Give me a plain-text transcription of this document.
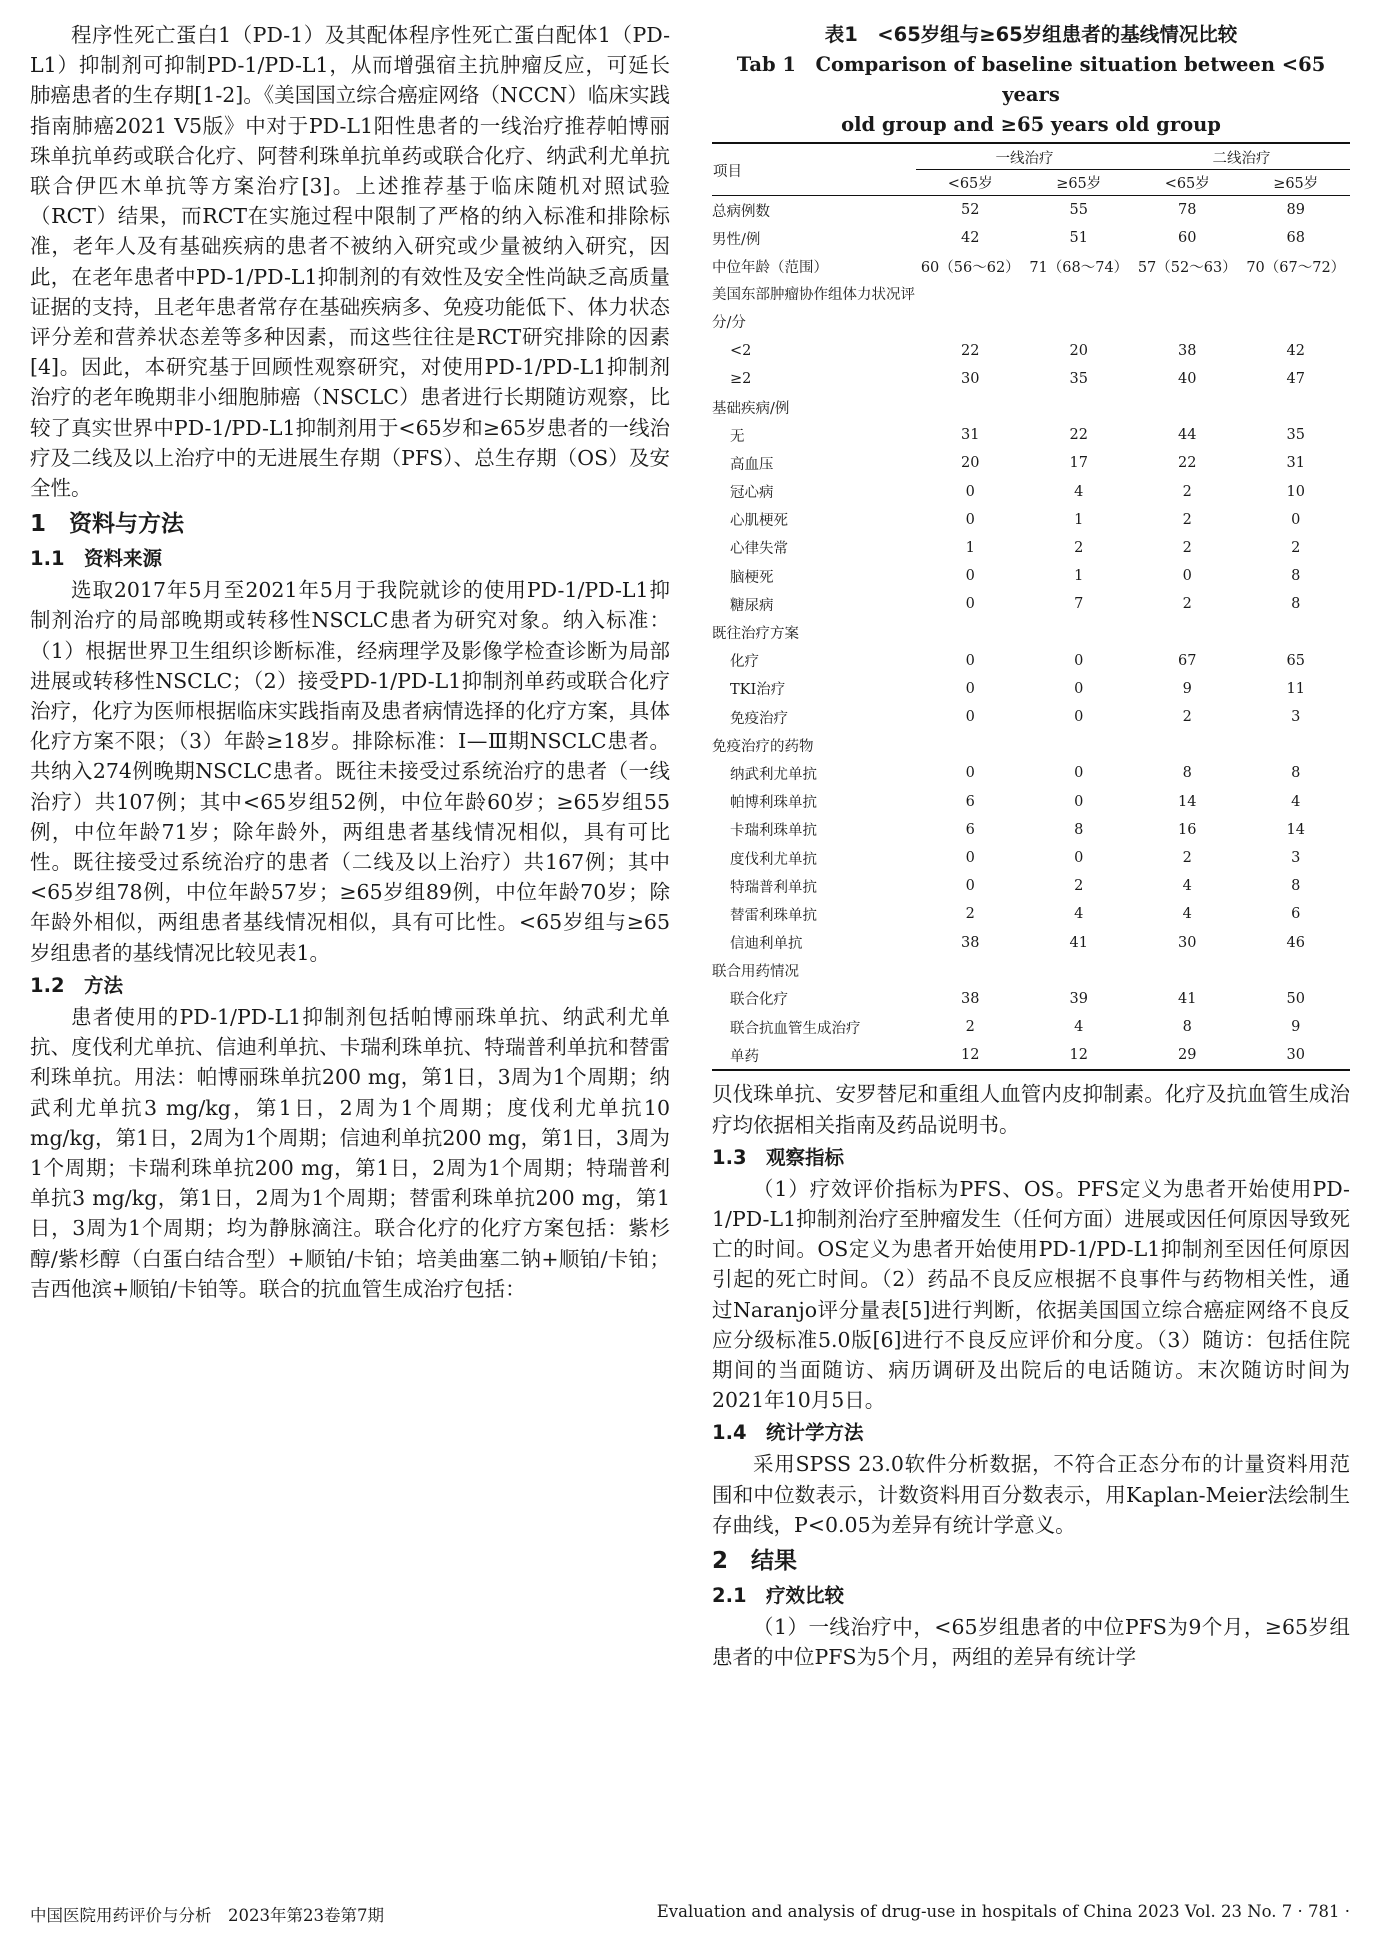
程序性死亡蛋白1（PD-1）及其配体程序性死亡蛋白配体1（PD-L1）抑制剂可抑制PD-1/PD-L1，从而增强宿主抗肿瘤反应，可延长肺癌患者的生存期[1-2]。《美国国立综合癌症网络（NCCN）临床实践指南肺癌2021 V5版》中对于PD-L1阳性患者的一线治疗推荐帕博丽珠单抗单药或联合化疗、阿替利珠单抗单药或联合化疗、纳武利尤单抗联合伊匹木单抗等方案治疗[3]。上述推荐基于临床随机对照试验（RCT）结果，而RCT在实施过程中限制了严格的纳入标准和排除标准，老年人及有基础疾病的患者不被纳入研究或少量被纳入研究，因此，在老年患者中PD-1/PD-L1抑制剂的有效性及安全性尚缺乏高质量证据的支持，且老年患者常存在基础疾病多、免疫功能低下、体力状态评分差和营养状态差等多种因素，而这些往往是RCT研究排除的因素[4]。因此，本研究基于回顾性观察研究，对使用PD-1/PD-L1抑制剂治疗的老年晚期非小细胞肺癌（NSCLC）患者进行长期随访观察，比较了真实世界中PD-1/PD-L1抑制剂用于<65岁和≥65岁患者的一线治疗及二线及以上治疗中的无进展生存期（PFS）、总生存期（OS）及安全性。

1　资料与方法
1.1　资料来源

选取2017年5月至2021年5月于我院就诊的使用PD-1/PD-L1抑制剂治疗的局部晚期或转移性NSCLC患者为研究对象。纳入标准：（1）根据世界卫生组织诊断标准，经病理学及影像学检查诊断为局部进展或转移性NSCLC；（2）接受PD-1/PD-L1抑制剂单药或联合化疗治疗，化疗为医师根据临床实践指南及患者病情选择的化疗方案，具体化疗方案不限；（3）年龄≥18岁。排除标准：Ⅰ—Ⅲ期NSCLC患者。共纳入274例晚期NSCLC患者。既往未接受过系统治疗的患者（一线治疗）共107例；其中<65岁组52例，中位年龄60岁；≥65岁组55例，中位年龄71岁；除年龄外，两组患者基线情况相似，具有可比性。既往接受过系统治疗的患者（二线及以上治疗）共167例；其中<65岁组78例，中位年龄57岁；≥65岁组89例，中位年龄70岁；除年龄外相似，两组患者基线情况相似，具有可比性。<65岁组与≥65岁组患者的基线情况比较见表1。

1.2　方法

患者使用的PD-1/PD-L1抑制剂包括帕博丽珠单抗、纳武利尤单抗、度伐利尤单抗、信迪利单抗、卡瑞利珠单抗、特瑞普利单抗和替雷利珠单抗。用法：帕博丽珠单抗200 mg，第1日，3周为1个周期；纳武利尤单抗3 mg/kg，第1日，2周为1个周期；度伐利尤单抗10 mg/kg，第1日，2周为1个周期；信迪利单抗200 mg，第1日，3周为1个周期；卡瑞利珠单抗200 mg，第1日，2周为1个周期；特瑞普利单抗3 mg/kg，第1日，2周为1个周期；替雷利珠单抗200 mg，第1日，3周为1个周期；均为静脉滴注。联合化疗的化疗方案包括：紫杉醇/紫杉醇（白蛋白结合型）+顺铂/卡铂；培美曲塞二钠+顺铂/卡铂；吉西他滨+顺铂/卡铂等。联合的抗血管生成治疗包括：

表1　<65岁组与≥65岁组患者的基线情况比较
Tab 1　Comparison of baseline situation between <65 years
old group and ≥65 years old group
项目	一线治疗		二线治疗	
	<65岁	≥65岁	<65岁	≥65岁
总病例数	52	55	78	89
男性/例	42	51	60	68
中位年龄（范围）	60（56～62）	71（68～74）	57（52～63）	70（67～72）
美国东部肿瘤协作组体力状况评分/分				
<2	22	20	38	42
≥2	30	35	40	47
基础疾病/例				
无	31	22	44	35
高血压	20	17	22	31
冠心病	0	4	2	10
心肌梗死	0	1	2	0
心律失常	1	2	2	2
脑梗死	0	1	0	8
糖尿病	0	7	2	8
既往治疗方案				
化疗	0	0	67	65
TKI治疗	0	0	9	11
免疫治疗	0	0	2	3
免疫治疗的药物				
纳武利尤单抗	0	0	8	8
帕博利珠单抗	6	0	14	4
卡瑞利珠单抗	6	8	16	14
度伐利尤单抗	0	0	2	3
特瑞普利单抗	0	2	4	8
替雷利珠单抗	2	4	4	6
信迪利单抗	38	41	30	46
联合用药情况				
联合化疗	38	39	41	50
联合抗血管生成治疗	2	4	8	9
单药	12	12	29	30

贝伐珠单抗、安罗替尼和重组人血管内皮抑制素。化疗及抗血管生成治疗均依据相关指南及药品说明书。

1.3　观察指标

（1）疗效评价指标为PFS、OS。PFS定义为患者开始使用PD-1/PD-L1抑制剂治疗至肿瘤发生（任何方面）进展或因任何原因导致死亡的时间。OS定义为患者开始使用PD-1/PD-L1抑制剂至因任何原因引起的死亡时间。（2）药品不良反应根据不良事件与药物相关性，通过Naranjo评分量表[5]进行判断，依据美国国立综合癌症网络不良反应分级标准5.0版[6]进行不良反应评价和分度。（3）随访：包括住院期间的当面随访、病历调研及出院后的电话随访。末次随访时间为2021年10月5日。

1.4　统计学方法

采用SPSS 23.0软件分析数据，不符合正态分布的计量资料用范围和中位数表示，计数资料用百分数表示，用Kaplan-Meier法绘制生存曲线，P<0.05为差异有统计学意义。

2　结果
2.1　疗效比较

（1）一线治疗中，<65岁组患者的中位PFS为9个月，≥65岁组患者的中位PFS为5个月，两组的差异有统计学

中国医院用药评价与分析　2023年第23卷第7期	Evaluation and analysis of drug-use in hospitals of China 2023 Vol. 23 No. 7 · 781 ·
